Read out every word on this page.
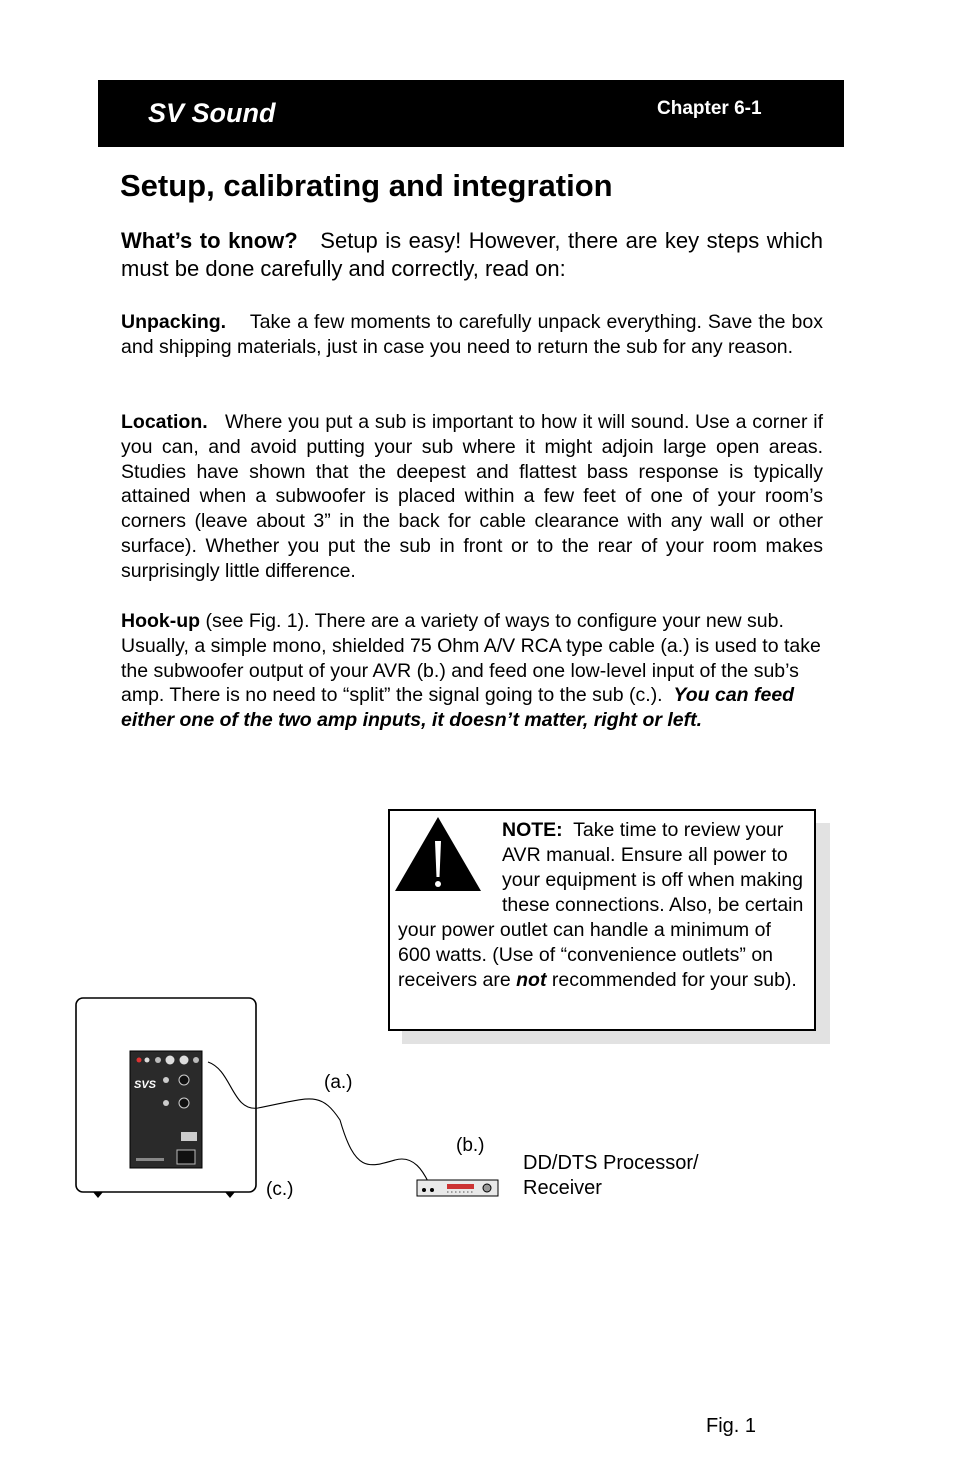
SV Sound	Chapter 6-1
Setup, calibrating and integration
What’s to know? Setup is easy! However, there are key steps which must be done carefully and correctly, read on:
Unpacking. Take a few moments to carefully unpack everything. Save the box and shipping materials, just in case you need to return the sub for any reason.
Location. Where you put a sub is important to how it will sound. Use a corner if you can, and avoid putting your sub where it might adjoin large open areas. Studies have shown that the deepest and flattest bass response is typically attained when a subwoofer is placed within a few feet of one of your room’s corners (leave about 3” in the back for cable clearance with any wall or other surface). Whether you put the sub in front or to the rear of your room makes surprisingly little difference.
Hook-up (see Fig. 1). There are a variety of ways to configure your new sub. Usually, a simple mono, shielded 75 Ohm A/V RCA type cable (a.) is used to take the subwoofer output of your AVR (b.) and feed one low-level input of the sub’s amp. There is no need to “split” the signal going to the sub (c.). You can feed either one of the two amp inputs, it doesn’t matter, right or left.
NOTE: Take time to review your AVR manual. Ensure all power to your equipment is off when making these connections. Also, be certain your power outlet can handle a minimum of 600 watts. (Use of “convenience outlets” on receivers are not recommended for your sub).
SVS	(a.)
(b.)
(c.)
DD/DTS Processor/
Receiver
Fig. 1
